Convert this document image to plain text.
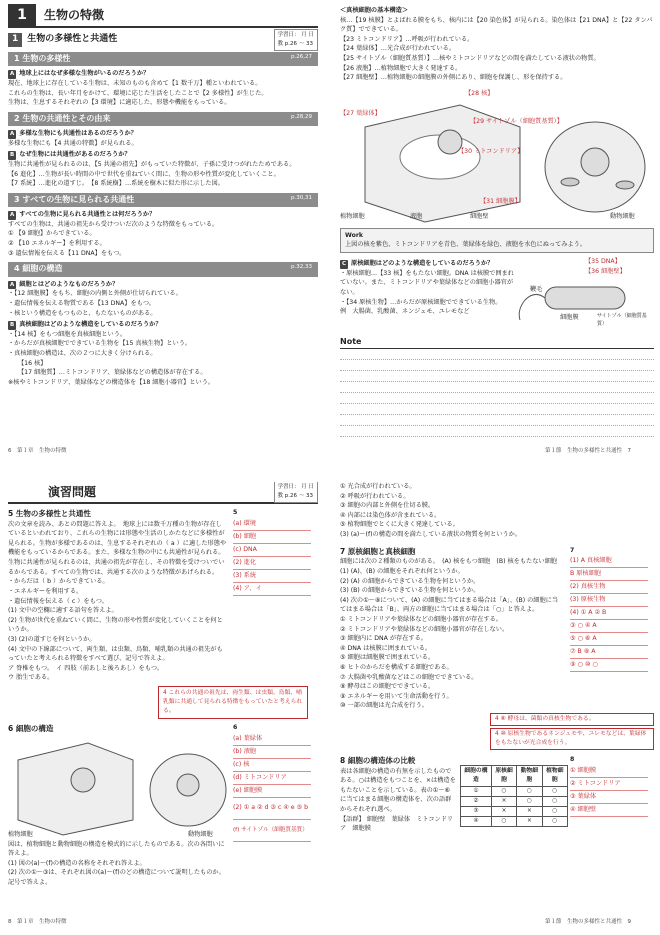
1	生物の特徴
1	生物の多様性と共通性	学習日： 月 日
教 p.26 〜 33
1 生物の多様性	p.26,27
A 地球上にはなぜ多様な生物がいるのだろうか？
現在、地球上に存在している生物は、未知のものも含めて【1 数千万】種といわれている。
これらの生物は、長い年月をかけて、環境に応じた生活をしたことで【2 多様性】が生じた。
生物は、生息するそれぞれの【3 環境】に適応した、形態や機能をもっている。
2 生物の共通性とその由来	p.28,29
A 多様な生物にも共通性はあるのだろうか？
多様な生物にも【4 共通の特徴】が見られる。
B なぜ生物には共通性があるのだろうか？
生物に共通性が見られるのは、【5 共通の祖先】がもっていた特徴が、子孫に受けつがれたためである。
【6 進化】…生物が長い時間の中で世代を重ねていく間に、生物の形や性質が変化していくこと。
【7 系統】…進化の道すじ。　【8 系統樹】…系統を樹木に似た形に示した図。
3 すべての生物に見られる共通性	p.30,31
A すべての生物に見られる共通性とは何だろうか？
すべての生物は、共通の祖先から受けついだ次のような特徴をもっている。
① 【9 細胞】からできている。
② 【10 エネルギー】を利用する。
③ 遺伝情報を伝える【11 DNA】をもつ。
4 細胞の構造	p.32,33
A 細胞とはどのようなものだろうか？
・【12 細胞膜】をもち、細胞の内側と外側が仕切られている。
・遺伝情報を伝える物質である【13 DNA】をもつ。
・核という構造をもつものと、もたないものがある。
B 真核細胞はどのような構造をしているのだろうか？
・【14 核】をもつ細胞を真核細胞という。
・からだが真核細胞でできている生物を【15 真核生物】という。
・真核細胞の構造は、次の２つに大きく分けられる。
【16 核】
【17 細胞質】…ミトコンドリア、葉緑体などの構造体が存在する。
※核やミトコンドリア、葉緑体などの構造体を【18 細胞小器官】という。
6　 第１章　生物の特徴
＜真核細胞の基本構造＞
核…【19 核膜】とよばれる膜をもち、核内には【20 染色体】が見られる。染色体は【21 DNA】と【22 タンパク質】でできている。
【23 ミトコンドリア】…呼吸が行われている。
【24 葉緑体】…光合成が行われている。
【25 サイトゾル（細胞質基質）】…核やミトコンドリアなどの間を満たしている液状の物質。
【26 液胞】…植物細胞で大きく発達する。
【27 細胞壁】…植物細胞の細胞膜の外側にあり、細胞を保護し、形を保持する。
【28 核】
【27 葉緑体】
【29 サイトゾル（細胞質基質）】
【30 ミトコンドリア】
【31 細胞膜】
細胞壁
液胞
植物細胞	動物細胞
Work
上図の核を紫色、ミトコンドリアを青色、葉緑体を緑色、液胞を水色にぬってみよう。
C 原核細胞はどのような構造をしているのだろうか？
・原核細胞…【33 核】をもたない細胞。DNA は核膜で囲まれていない。また、ミトコンドリアや葉緑体などの細胞小器官がない。
・【34 原核生物】…からだが原核細胞でできている生物。
例　大腸菌、乳酸菌、ネンジュモ、ユレモなど
【35 DNA】
【36 細胞壁】
鞭毛
細胞膜	サイトゾル（細胞質基質）
Note
第１節　生物の多様性と共通性　 7
演習問題	学習日： 月 日
教 p.26 〜 33
5 生物の多様性と共通性
次の文章を読み、あとの問題に答えよ。　地球上には数千万種の生物が存在しているといわれており、これらの生物には形態や生活のしかたなどに多様性が見られる。生物が多様であるのは、生息するそれぞれの（ a ）に適した形態や機能をもっているからである。また、多様な生物の中にも共通性が見られる。生物に共通性が見られるのは、共通の祖先が存在し、その特徴を受けついでいるからである。すべての生物では、共通する次のような特徴があげられる。
・からだは（ b ）からできている。
・エネルギーを利用する。
・遺伝情報を伝える（ c ）をもつ。
(1) 文中の空欄に適する語句を答えよ。
(2) 生物が世代を重ねていく間に、生物の形や性質が変化していくことを何というか。
(3) (2)の道すじを何というか。
(4) 文中の下線部について、両生類、は虫類、鳥類、哺乳類の共通の祖先がもっていたと考えられる特徴をすべて選び、記号で答えよ。
ア 脊椎をもつ。　イ 四肢（前あしと後ろあし）をもつ。
ウ 胎生である。
5
(a) 環境
(b) 細胞
(c) DNA
(2) 進化
(3) 系統
(4) ア、イ
4 これらの共通の祖先は、両生類、は虫類、鳥類、哺乳類に共通して見られる特徴をもっていたと考えられる。
6 細胞の構造
植物細胞	動物細胞
図は、植物細胞と動物細胞の構造を模式的に示したものである。次の各問いに答えよ。
(1) 図の(a)〜(f)の構造の名称をそれぞれ答えよ。
(2) 次の①〜③は、それぞれ図の(a)〜(f)のどの構造について説明したものか。記号で答えよ。
6
(a) 葉緑体
(b) 液胞
(c) 核
(d) ミトコンドリア
(e) 細胞膜
(2) ① a ② d ③ c ④ e ⑤ b
(f) サイトゾル（細胞質基質）
8　 第１章　生物の特徴
① 光合成が行われている。
② 呼吸が行われている。
③ 細胞の内部と外側を仕切る膜。
④ 内部には染色体が含まれている。
⑤ 植物細胞でとくに大きく発達している。
(3) (a)〜(f)の構造の間を満たしている液状の物質を何というか。
7 原核細胞と真核細胞
細胞には次の２種類のものがある。　(A) 核をもつ細胞　(B) 核をもたない細胞
(1) (A)、(B) の細胞をそれぞれ何というか。
(2) (A) の細胞からできている生物を何というか。
(3) (B) の細胞からできている生物を何というか。
(4) 次の①〜⑧について、(A) の細胞に当てはまる場合は「A」、(B) の細胞に当てはまる場合は「B」、両方の細胞に当てはまる場合は「○」と答えよ。
① ミトコンドリアや葉緑体などの細胞小器官が存在する。
② ミトコンドリアや葉緑体などの細胞小器官が存在しない。
③ 細胞内に DNA が存在する。
④ DNA は核膜に囲まれている。
⑤ 細胞は細胞膜で囲まれている。
⑥ ヒトのからだを構成する細胞である。
⑦ 大腸菌や乳酸菌などはこの細胞でできている。
⑧ 酵母はこの細胞でできている。
⑨ エネルギーを用いて生命活動を行う。
⑩ 一部の細胞は光合成を行う。
7
(1) A 真核細胞
B 原核細胞
(2) 真核生物
(3) 原核生物
(4) ① A ② B
③ ○ ④ A
⑤ ○ ⑥ A
⑦ B ⑧ A
⑨ ○ ⑩ ○
4 ⑧ 酵母は、菌類の真核生物である。
4 ⑩ 原核生物であるネンジュモや、ユレモなどは、葉緑体をもたないが光合成を行う。
8 細胞の構造体の比較
表は各細胞の構造の有無を示したものである。○は構造をもつことを、×は構造をもたないことを示している。表の①〜⑥に当てはまる細胞の構造体を、次の語群からそれぞれ選べ。
【語群】 細胞壁　葉緑体　ミトコンドリア　細胞膜
細胞の構造	原核細胞	動物細胞	植物細胞
①	○	○	○
②	×	○	○
③	×	×	○
④	○	×	○
8
① 細胞膜
② ミトコンドリア
③ 葉緑体
④ 細胞壁
第１節　生物の多様性と共通性　 9
